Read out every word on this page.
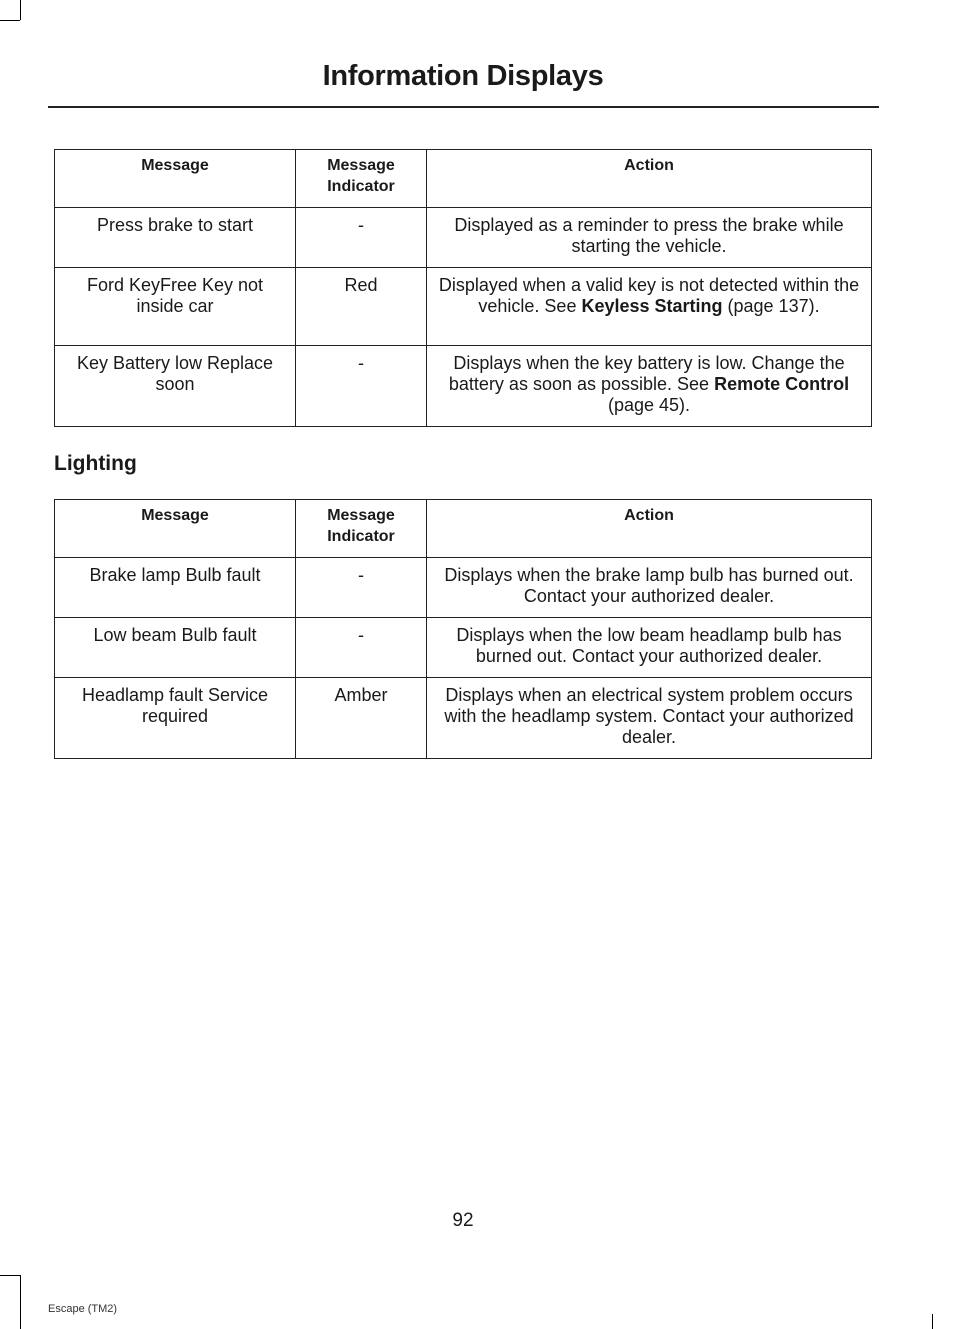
Information Displays
Message	Message Indicator	Action
Press brake to start	-	Displayed as a reminder to press the brake while starting the vehicle.
Ford KeyFree Key not inside car	Red	Displayed when a valid key is not detected within the vehicle. See Keyless Starting (page 137).
Key Battery low Replace soon	-	Displays when the key battery is low. Change the battery as soon as possible. See Remote Control (page 45).
Lighting
Message	Message Indicator	Action
Brake lamp Bulb fault	-	Displays when the brake lamp bulb has burned out. Contact your authorized dealer.
Low beam Bulb fault	-	Displays when the low beam headlamp bulb has burned out. Contact your authorized dealer.
Headlamp fault Service required	Amber	Displays when an electrical system problem occurs with the headlamp system. Contact your authorized dealer.
92
Escape (TM2)
